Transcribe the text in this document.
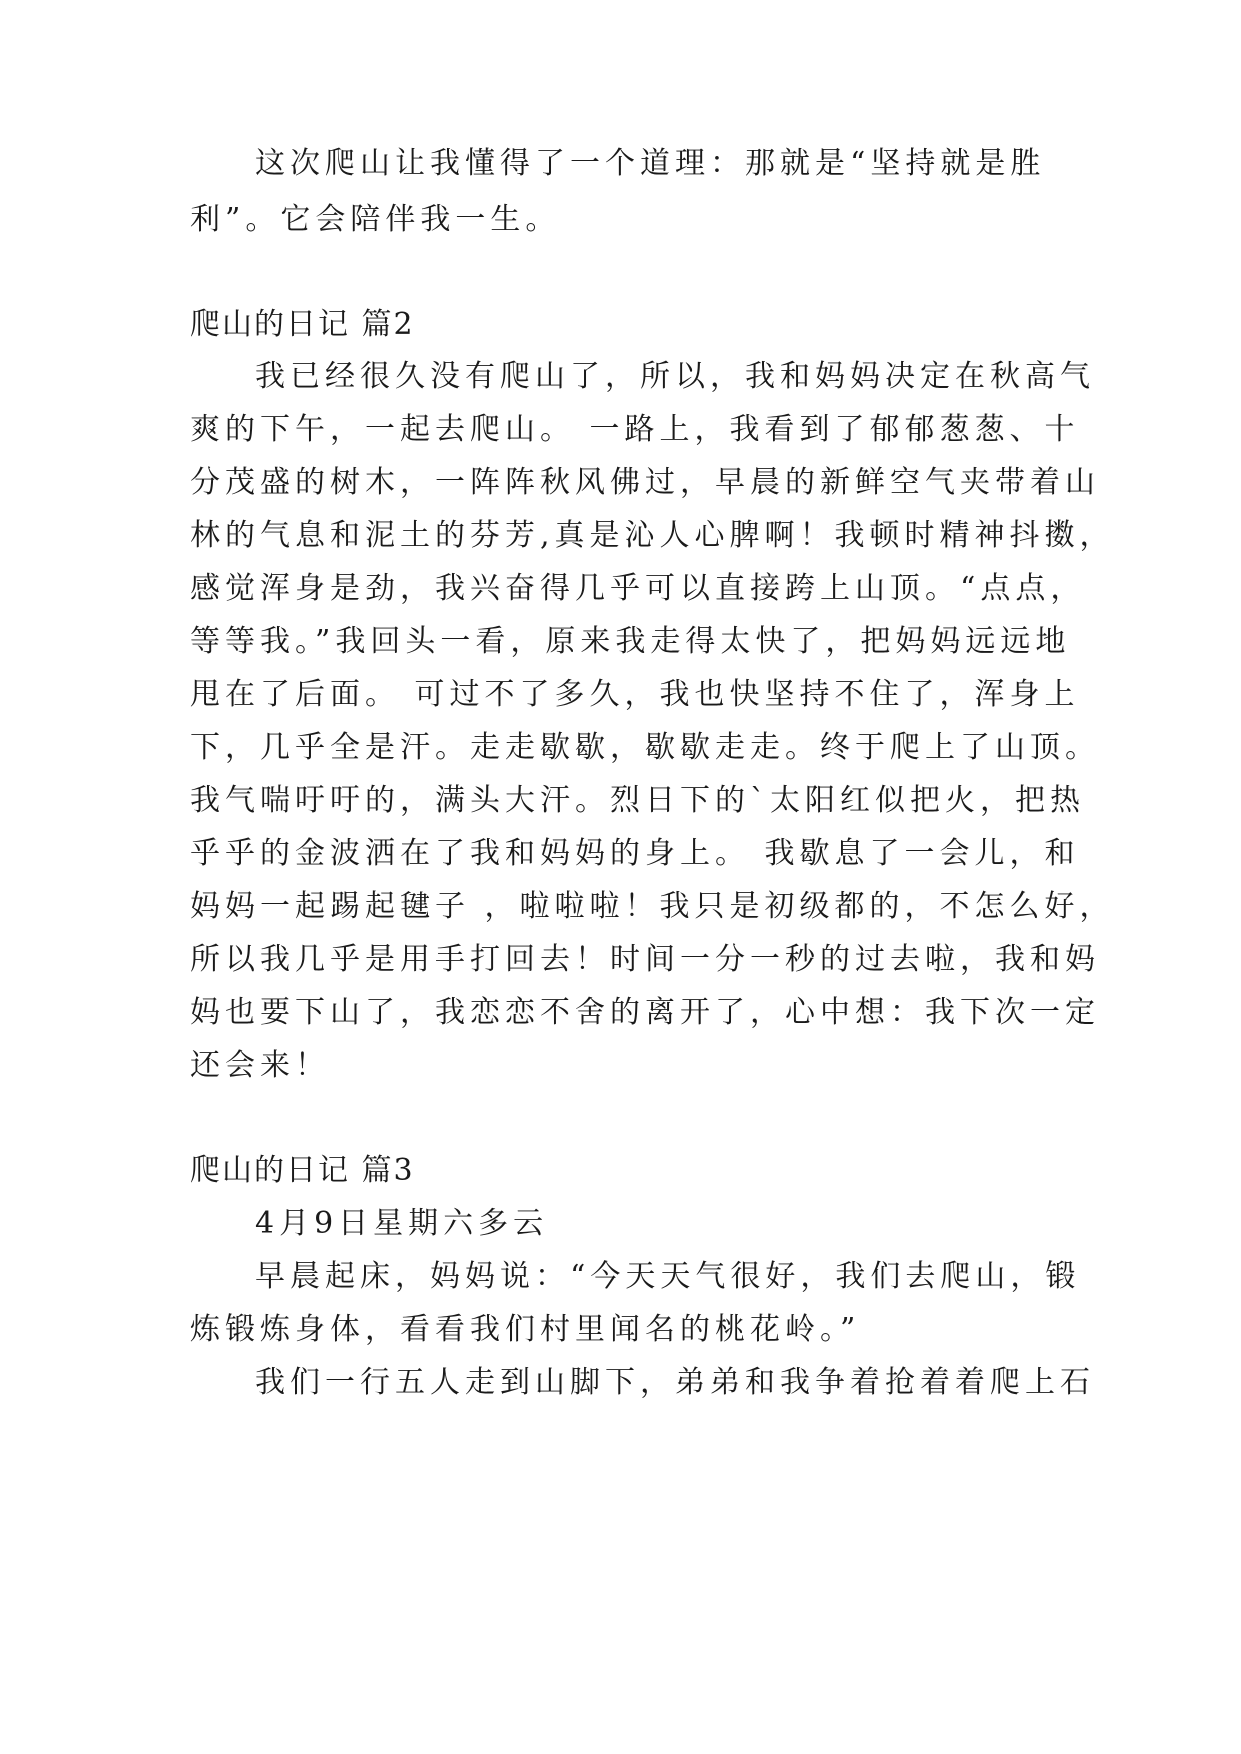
这次爬山让我懂得了一个道理：那就是“坚持就是胜
利”。它会陪伴我一生。
爬山的日记 篇2
我已经很久没有爬山了，所以，我和妈妈决定在秋高气
爽的下午，一起去爬山。 一路上，我看到了郁郁葱葱、十
分茂盛的树木，一阵阵秋风佛过，早晨的新鲜空气夹带着山
林的气息和泥土的芬芳,真是沁人心脾啊！我顿时精神抖擞，
感觉浑身是劲，我兴奋得几乎可以直接跨上山顶。“点点，
等等我。”我回头一看，原来我走得太快了，把妈妈远远地
甩在了后面。 可过不了多久，我也快坚持不住了，浑身上
下，几乎全是汗。走走歇歇，歇歇走走。终于爬上了山顶。
我气喘吁吁的，满头大汗。烈日下的`太阳红似把火，把热
乎乎的金波洒在了我和妈妈的身上。 我歇息了一会儿，和
妈妈一起踢起毽子 ，啦啦啦！我只是初级都的，不怎么好，
所以我几乎是用手打回去！时间一分一秒的过去啦，我和妈
妈也要下山了，我恋恋不舍的离开了，心中想：我下次一定
还会来！
爬山的日记 篇3
4月9日星期六多云
早晨起床，妈妈说：“今天天气很好，我们去爬山，锻
炼锻炼身体，看看我们村里闻名的桃花岭。”
我们一行五人走到山脚下，弟弟和我争着抢着着爬上石
